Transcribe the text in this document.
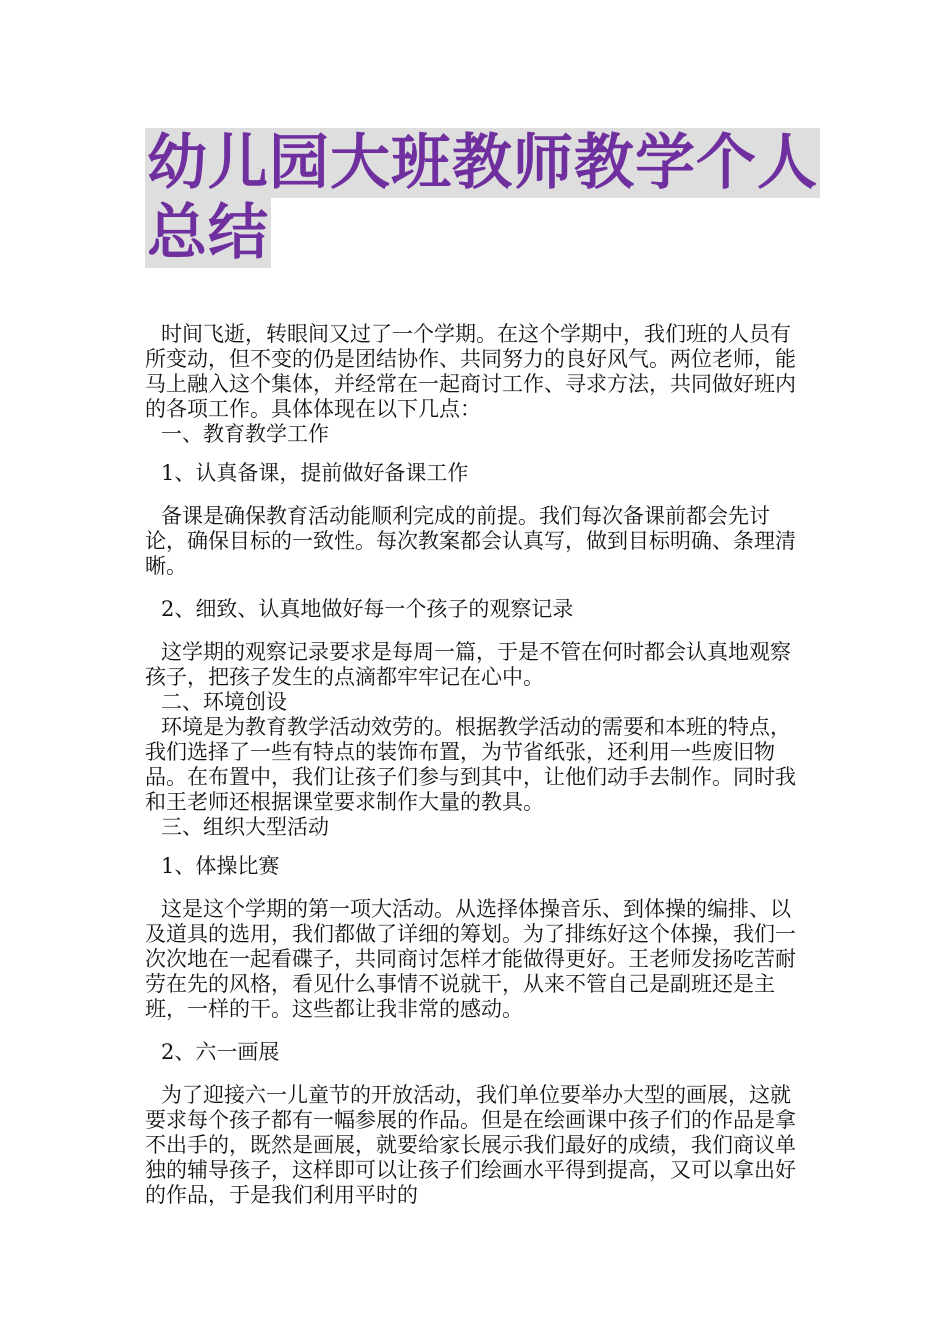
幼儿园大班教师教学个人总结

时间飞逝，转眼间又过了一个学期。在这个学期中，我们班的人员有所变动，但不变的仍是团结协作、共同努力的良好风气。两位老师，能马上融入这个集体，并经常在一起商讨工作、寻求方法，共同做好班内的各项工作。具体体现在以下几点：

一、教育教学工作

1、认真备课，提前做好备课工作

备课是确保教育活动能顺利完成的前提。我们每次备课前都会先讨论，确保目标的一致性。每次教案都会认真写，做到目标明确、条理清晰。

2、细致、认真地做好每一个孩子的观察记录

这学期的观察记录要求是每周一篇，于是不管在何时都会认真地观察孩子，把孩子发生的点滴都牢牢记在心中。

二、环境创设

环境是为教育教学活动效劳的。根据教学活动的需要和本班的特点，我们选择了一些有特点的装饰布置，为节省纸张，还利用一些废旧物品。在布置中，我们让孩子们参与到其中，让他们动手去制作。同时我和王老师还根据课堂要求制作大量的教具。

三、组织大型活动

1、体操比赛

这是这个学期的第一项大活动。从选择体操音乐、到体操的编排、以及道具的选用，我们都做了详细的筹划。为了排练好这个体操，我们一次次地在一起看碟子，共同商讨怎样才能做得更好。王老师发扬吃苦耐劳在先的风格，看见什么事情不说就干，从来不管自己是副班还是主班，一样的干。这些都让我非常的感动。

2、六一画展

为了迎接六一儿童节的开放活动，我们单位要举办大型的画展，这就要求每个孩子都有一幅参展的作品。但是在绘画课中孩子们的作品是拿不出手的，既然是画展，就要给家长展示我们最好的成绩，我们商议单独的辅导孩子，这样即可以让孩子们绘画水平得到提高，又可以拿出好的作品，于是我们利用平时的
